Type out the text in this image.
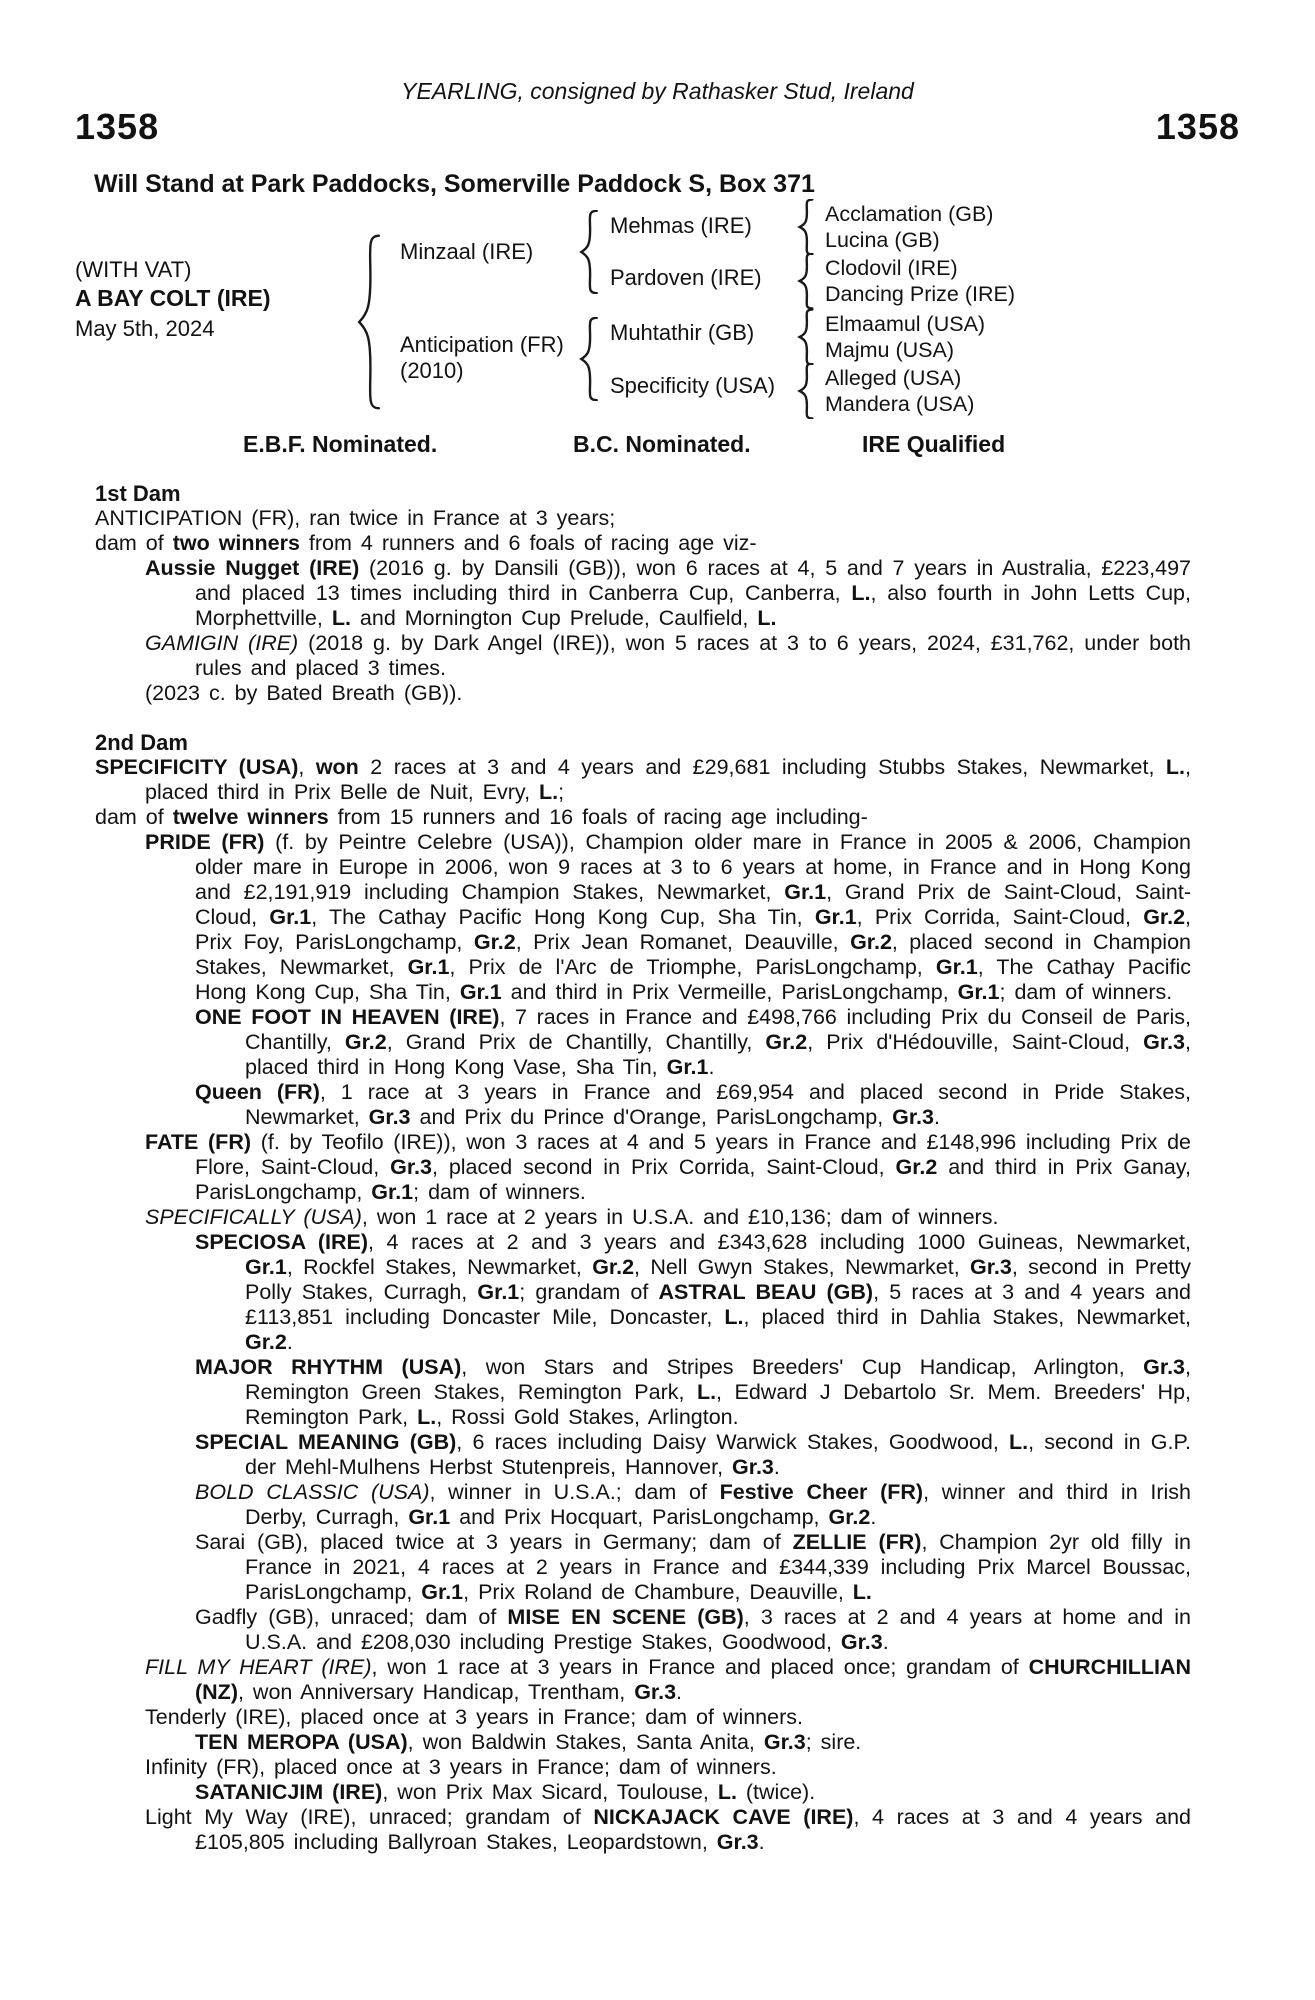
YEARLING, consigned by Rathasker Stud, Ireland
1358	1358
Will Stand at Park Paddocks, Somerville Paddock S, Box 371
(WITH VAT)
A BAY COLT (IRE)
May 5th, 2024
Minzaal (IRE)
Anticipation (FR)
(2010)
Mehmas (IRE)
Pardoven (IRE)
Muhtathir (GB)
Specificity (USA)
Acclamation (GB)
Lucina (GB)
Clodovil (IRE)
Dancing Prize (IRE)
Elmaamul (USA)
Majmu (USA)
Alleged (USA)
Mandera (USA)
E.B.F. Nominated.	B.C. Nominated.	IRE Qualified
1st Dam

ANTICIPATION (FR), ran twice in France at 3 years;

dam of two winners from 4 runners and 6 foals of racing age viz-

Aussie Nugget (IRE) (2016 g. by Dansili (GB)), won 6 races at 4, 5 and 7 years in Australia, £223,497 and placed 13 times including third in Canberra Cup, Canberra, L., also fourth in John Letts Cup, Morphettville, L. and Mornington Cup Prelude, Caulfield, L.

GAMIGIN (IRE) (2018 g. by Dark Angel (IRE)), won 5 races at 3 to 6 years, 2024, £31,762, under both rules and placed 3 times.

(2023 c. by Bated Breath (GB)).

2nd Dam

SPECIFICITY (USA), won 2 races at 3 and 4 years and £29,681 including Stubbs Stakes, Newmarket, L., placed third in Prix Belle de Nuit, Evry, L.;

dam of twelve winners from 15 runners and 16 foals of racing age including-

PRIDE (FR) (f. by Peintre Celebre (USA)), Champion older mare in France in 2005 & 2006, Champion older mare in Europe in 2006, won 9 races at 3 to 6 years at home, in France and in Hong Kong and £2,191,919 including Champion Stakes, Newmarket, Gr.1, Grand Prix de Saint-Cloud, Saint-Cloud, Gr.1, The Cathay Pacific Hong Kong Cup, Sha Tin, Gr.1, Prix Corrida, Saint-Cloud, Gr.2, Prix Foy, ParisLongchamp, Gr.2, Prix Jean Romanet, Deauville, Gr.2, placed second in Champion Stakes, Newmarket, Gr.1, Prix de l'Arc de Triomphe, ParisLongchamp, Gr.1, The Cathay Pacific Hong Kong Cup, Sha Tin, Gr.1 and third in Prix Vermeille, ParisLongchamp, Gr.1; dam of winners.

ONE FOOT IN HEAVEN (IRE), 7 races in France and £498,766 including Prix du Conseil de Paris, Chantilly, Gr.2, Grand Prix de Chantilly, Chantilly, Gr.2, Prix d'Hédouville, Saint-Cloud, Gr.3, placed third in Hong Kong Vase, Sha Tin, Gr.1.

Queen (FR), 1 race at 3 years in France and £69,954 and placed second in Pride Stakes, Newmarket, Gr.3 and Prix du Prince d'Orange, ParisLongchamp, Gr.3.

FATE (FR) (f. by Teofilo (IRE)), won 3 races at 4 and 5 years in France and £148,996 including Prix de Flore, Saint-Cloud, Gr.3, placed second in Prix Corrida, Saint-Cloud, Gr.2 and third in Prix Ganay, ParisLongchamp, Gr.1; dam of winners.

SPECIFICALLY (USA), won 1 race at 2 years in U.S.A. and £10,136; dam of winners.

SPECIOSA (IRE), 4 races at 2 and 3 years and £343,628 including 1000 Guineas, Newmarket, Gr.1, Rockfel Stakes, Newmarket, Gr.2, Nell Gwyn Stakes, Newmarket, Gr.3, second in Pretty Polly Stakes, Curragh, Gr.1; grandam of ASTRAL BEAU (GB), 5 races at 3 and 4 years and £113,851 including Doncaster Mile, Doncaster, L., placed third in Dahlia Stakes, Newmarket, Gr.2.

MAJOR RHYTHM (USA), won Stars and Stripes Breeders' Cup Handicap, Arlington, Gr.3, Remington Green Stakes, Remington Park, L., Edward J Debartolo Sr. Mem. Breeders' Hp, Remington Park, L., Rossi Gold Stakes, Arlington.

SPECIAL MEANING (GB), 6 races including Daisy Warwick Stakes, Goodwood, L., second in G.P. der Mehl-Mulhens Herbst Stutenpreis, Hannover, Gr.3.

BOLD CLASSIC (USA), winner in U.S.A.; dam of Festive Cheer (FR), winner and third in Irish Derby, Curragh, Gr.1 and Prix Hocquart, ParisLongchamp, Gr.2.

Sarai (GB), placed twice at 3 years in Germany; dam of ZELLIE (FR), Champion 2yr old filly in France in 2021, 4 races at 2 years in France and £344,339 including Prix Marcel Boussac, ParisLongchamp, Gr.1, Prix Roland de Chambure, Deauville, L.

Gadfly (GB), unraced; dam of MISE EN SCENE (GB), 3 races at 2 and 4 years at home and in U.S.A. and £208,030 including Prestige Stakes, Goodwood, Gr.3.

FILL MY HEART (IRE), won 1 race at 3 years in France and placed once; grandam of CHURCHILLIAN (NZ), won Anniversary Handicap, Trentham, Gr.3.

Tenderly (IRE), placed once at 3 years in France; dam of winners.

TEN MEROPA (USA), won Baldwin Stakes, Santa Anita, Gr.3; sire.

Infinity (FR), placed once at 3 years in France; dam of winners.

SATANICJIM (IRE), won Prix Max Sicard, Toulouse, L. (twice).

Light My Way (IRE), unraced; grandam of NICKAJACK CAVE (IRE), 4 races at 3 and 4 years and £105,805 including Ballyroan Stakes, Leopardstown, Gr.3.
